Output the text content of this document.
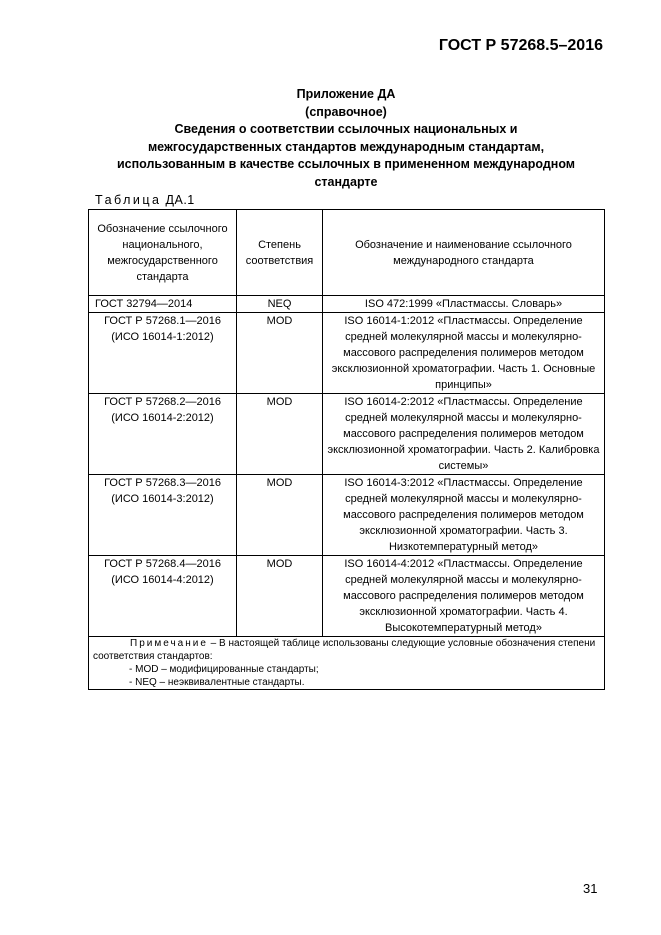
ГОСТ Р 57268.5–2016
Приложение ДА
(справочное)
Сведения о соответствии ссылочных национальных и
межгосударственных стандартов международным стандартам,
использованным в качестве ссылочных в примененном международном
стандарте
Таблица ДА.1
Обозначение ссылочного национального, межгосударственного стандарта	Степень соответствия	Обозначение и наименование ссылочного международного стандарта

ГОСТ 32794—2014	NEQ	ISO 472:1999 «Пластмассы. Словарь»

ГОСТ Р 57268.1—2016
(ИСО 16014-1:2012)	MOD	ISO 16014-1:2012 «Пластмассы. Определение средней молекулярной массы и молекулярно-массового распределения полимеров методом эксклюзионной хроматографии. Часть 1. Основные принципы»

ГОСТ Р 57268.2—2016
(ИСО 16014-2:2012)	MOD	ISO 16014-2:2012 «Пластмассы. Определение средней молекулярной массы и молекулярно-массового распределения полимеров методом эксклюзионной хроматографии. Часть 2. Калибровка системы»

ГОСТ Р 57268.3—2016
(ИСО 16014-3:2012)	MOD	ISO 16014-3:2012 «Пластмассы. Определение средней молекулярной массы и молекулярно-массового распределения полимеров методом эксклюзионной хроматографии. Часть 3. Низкотемпературный метод»

ГОСТ Р 57268.4—2016
(ИСО 16014-4:2012)	MOD	ISO 16014-4:2012 «Пластмассы. Определение средней молекулярной массы и молекулярно-массового распределения полимеров методом эксклюзионной хроматографии. Часть 4. Высокотемпературный метод»

Примечание – В настоящей таблице использованы следующие условные обозначения степени соответствия стандартов:
- MOD – модифицированные стандарты;
- NEQ – неэквивалентные стандарты.		
31
